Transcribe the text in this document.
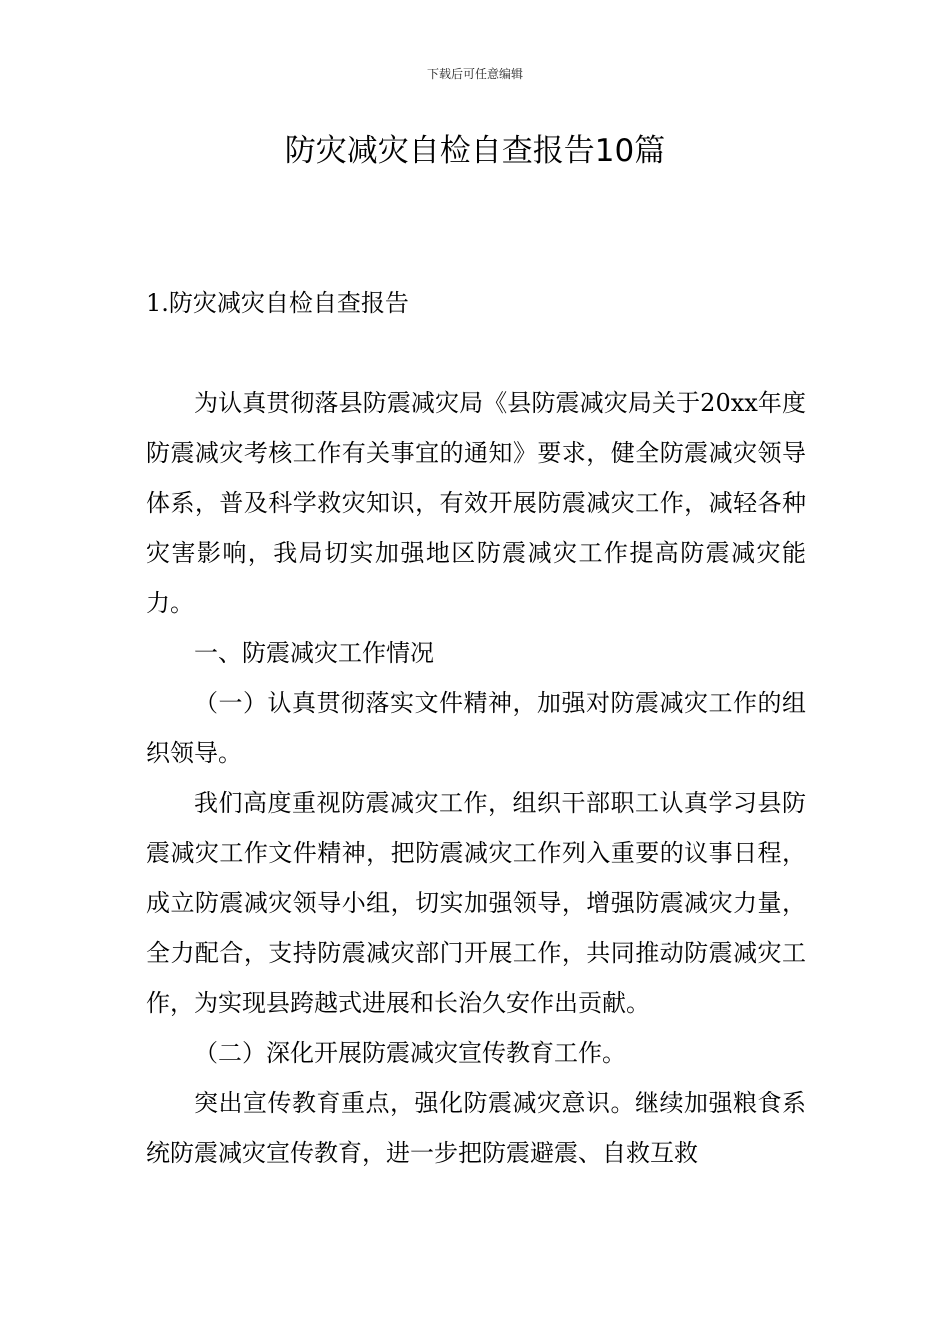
下载后可任意编辑
防灾减灾自检自查报告10篇
1.防灾减灾自检自查报告

为认真贯彻落县防震减灾局《县防震减灾局关于20xx年度防震减灾考核工作有关事宜的通知》要求，健全防震减灾领导体系，普及科学救灾知识，有效开展防震减灾工作，减轻各种灾害影响，我局切实加强地区防震减灾工作提高防震减灾能力。

一、防震减灾工作情况

（一）认真贯彻落实文件精神，加强对防震减灾工作的组织领导。

我们高度重视防震减灾工作，组织干部职工认真学习县防震减灾工作文件精神，把防震减灾工作列入重要的议事日程，成立防震减灾领导小组，切实加强领导，增强防震减灾力量，全力配合，支持防震减灾部门开展工作，共同推动防震减灾工作，为实现县跨越式进展和长治久安作出贡献。

（二）深化开展防震减灾宣传教育工作。

突出宣传教育重点，强化防震减灾意识。继续加强粮食系统防震减灾宣传教育，进一步把防震避震、自救互救
